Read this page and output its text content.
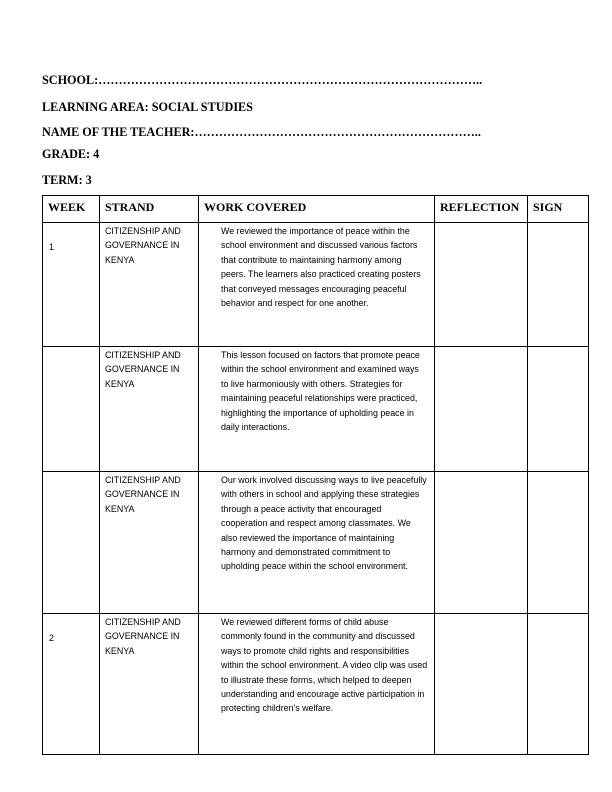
SCHOOL:…………………………………………………………………………………..
LEARNING AREA: SOCIAL STUDIES
NAME OF THE TEACHER:……………………………………………………………..
GRADE: 4
TERM: 3
WEEK	STRAND	WORK COVERED	REFLECTION	SIGN

1	CITIZENSHIP AND GOVERNANCE IN KENYA	We reviewed the importance of peace within the school environment and discussed various factors that contribute to maintaining harmony among peers. The learners also practiced creating posters that conveyed messages encouraging peaceful behavior and respect for one another.		

	CITIZENSHIP AND GOVERNANCE IN KENYA	This lesson focused on factors that promote peace within the school environment and examined ways to live harmoniously with others. Strategies for maintaining peaceful relationships were practiced, highlighting the importance of upholding peace in daily interactions.		

	CITIZENSHIP AND GOVERNANCE IN KENYA	Our work involved discussing ways to live peacefully with others in school and applying these strategies through a peace activity that encouraged cooperation and respect among classmates. We also reviewed the importance of maintaining harmony and demonstrated commitment to upholding peace within the school environment.		

2	CITIZENSHIP AND GOVERNANCE IN KENYA	We reviewed different forms of child abuse commonly found in the community and discussed ways to promote child rights and responsibilities within the school environment. A video clip was used to illustrate these forms, which helped to deepen understanding and encourage active participation in protecting children's welfare.		
